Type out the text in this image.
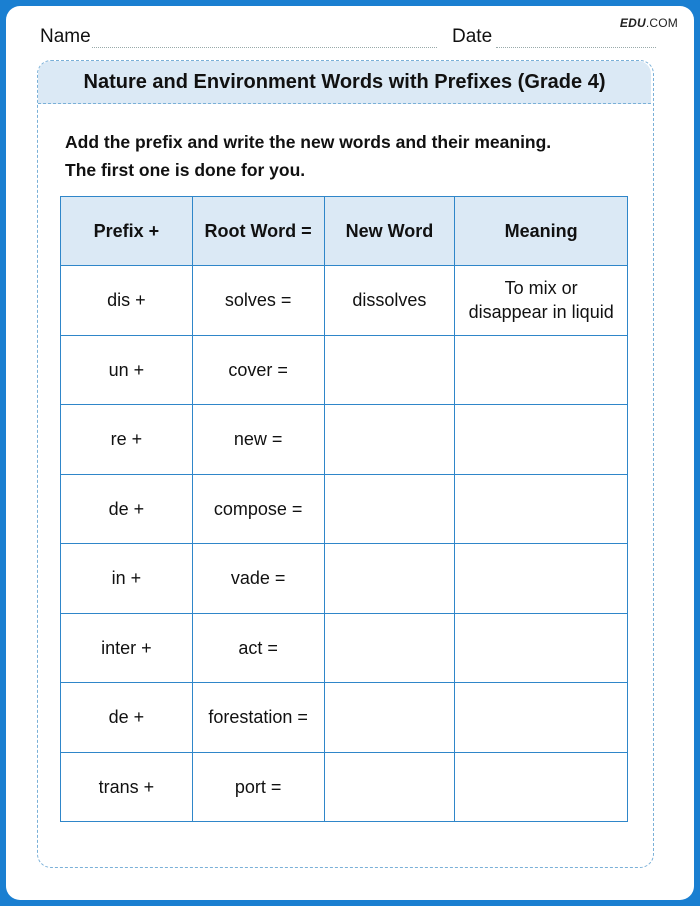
EDU.COM
Name	Date
Nature and Environment Words with Prefixes (Grade 4)
Add the prefix and write the new words and their meaning.
The first one is done for you.
Prefix +	Root Word =	New Word	Meaning
dis +	solves =	dissolves	To mix or
disappear in liquid

un +	cover =		

re +	new =		

de +	compose =		

in +	vade =		

inter +	act =		

de +	forestation =		

trans +	port =		
